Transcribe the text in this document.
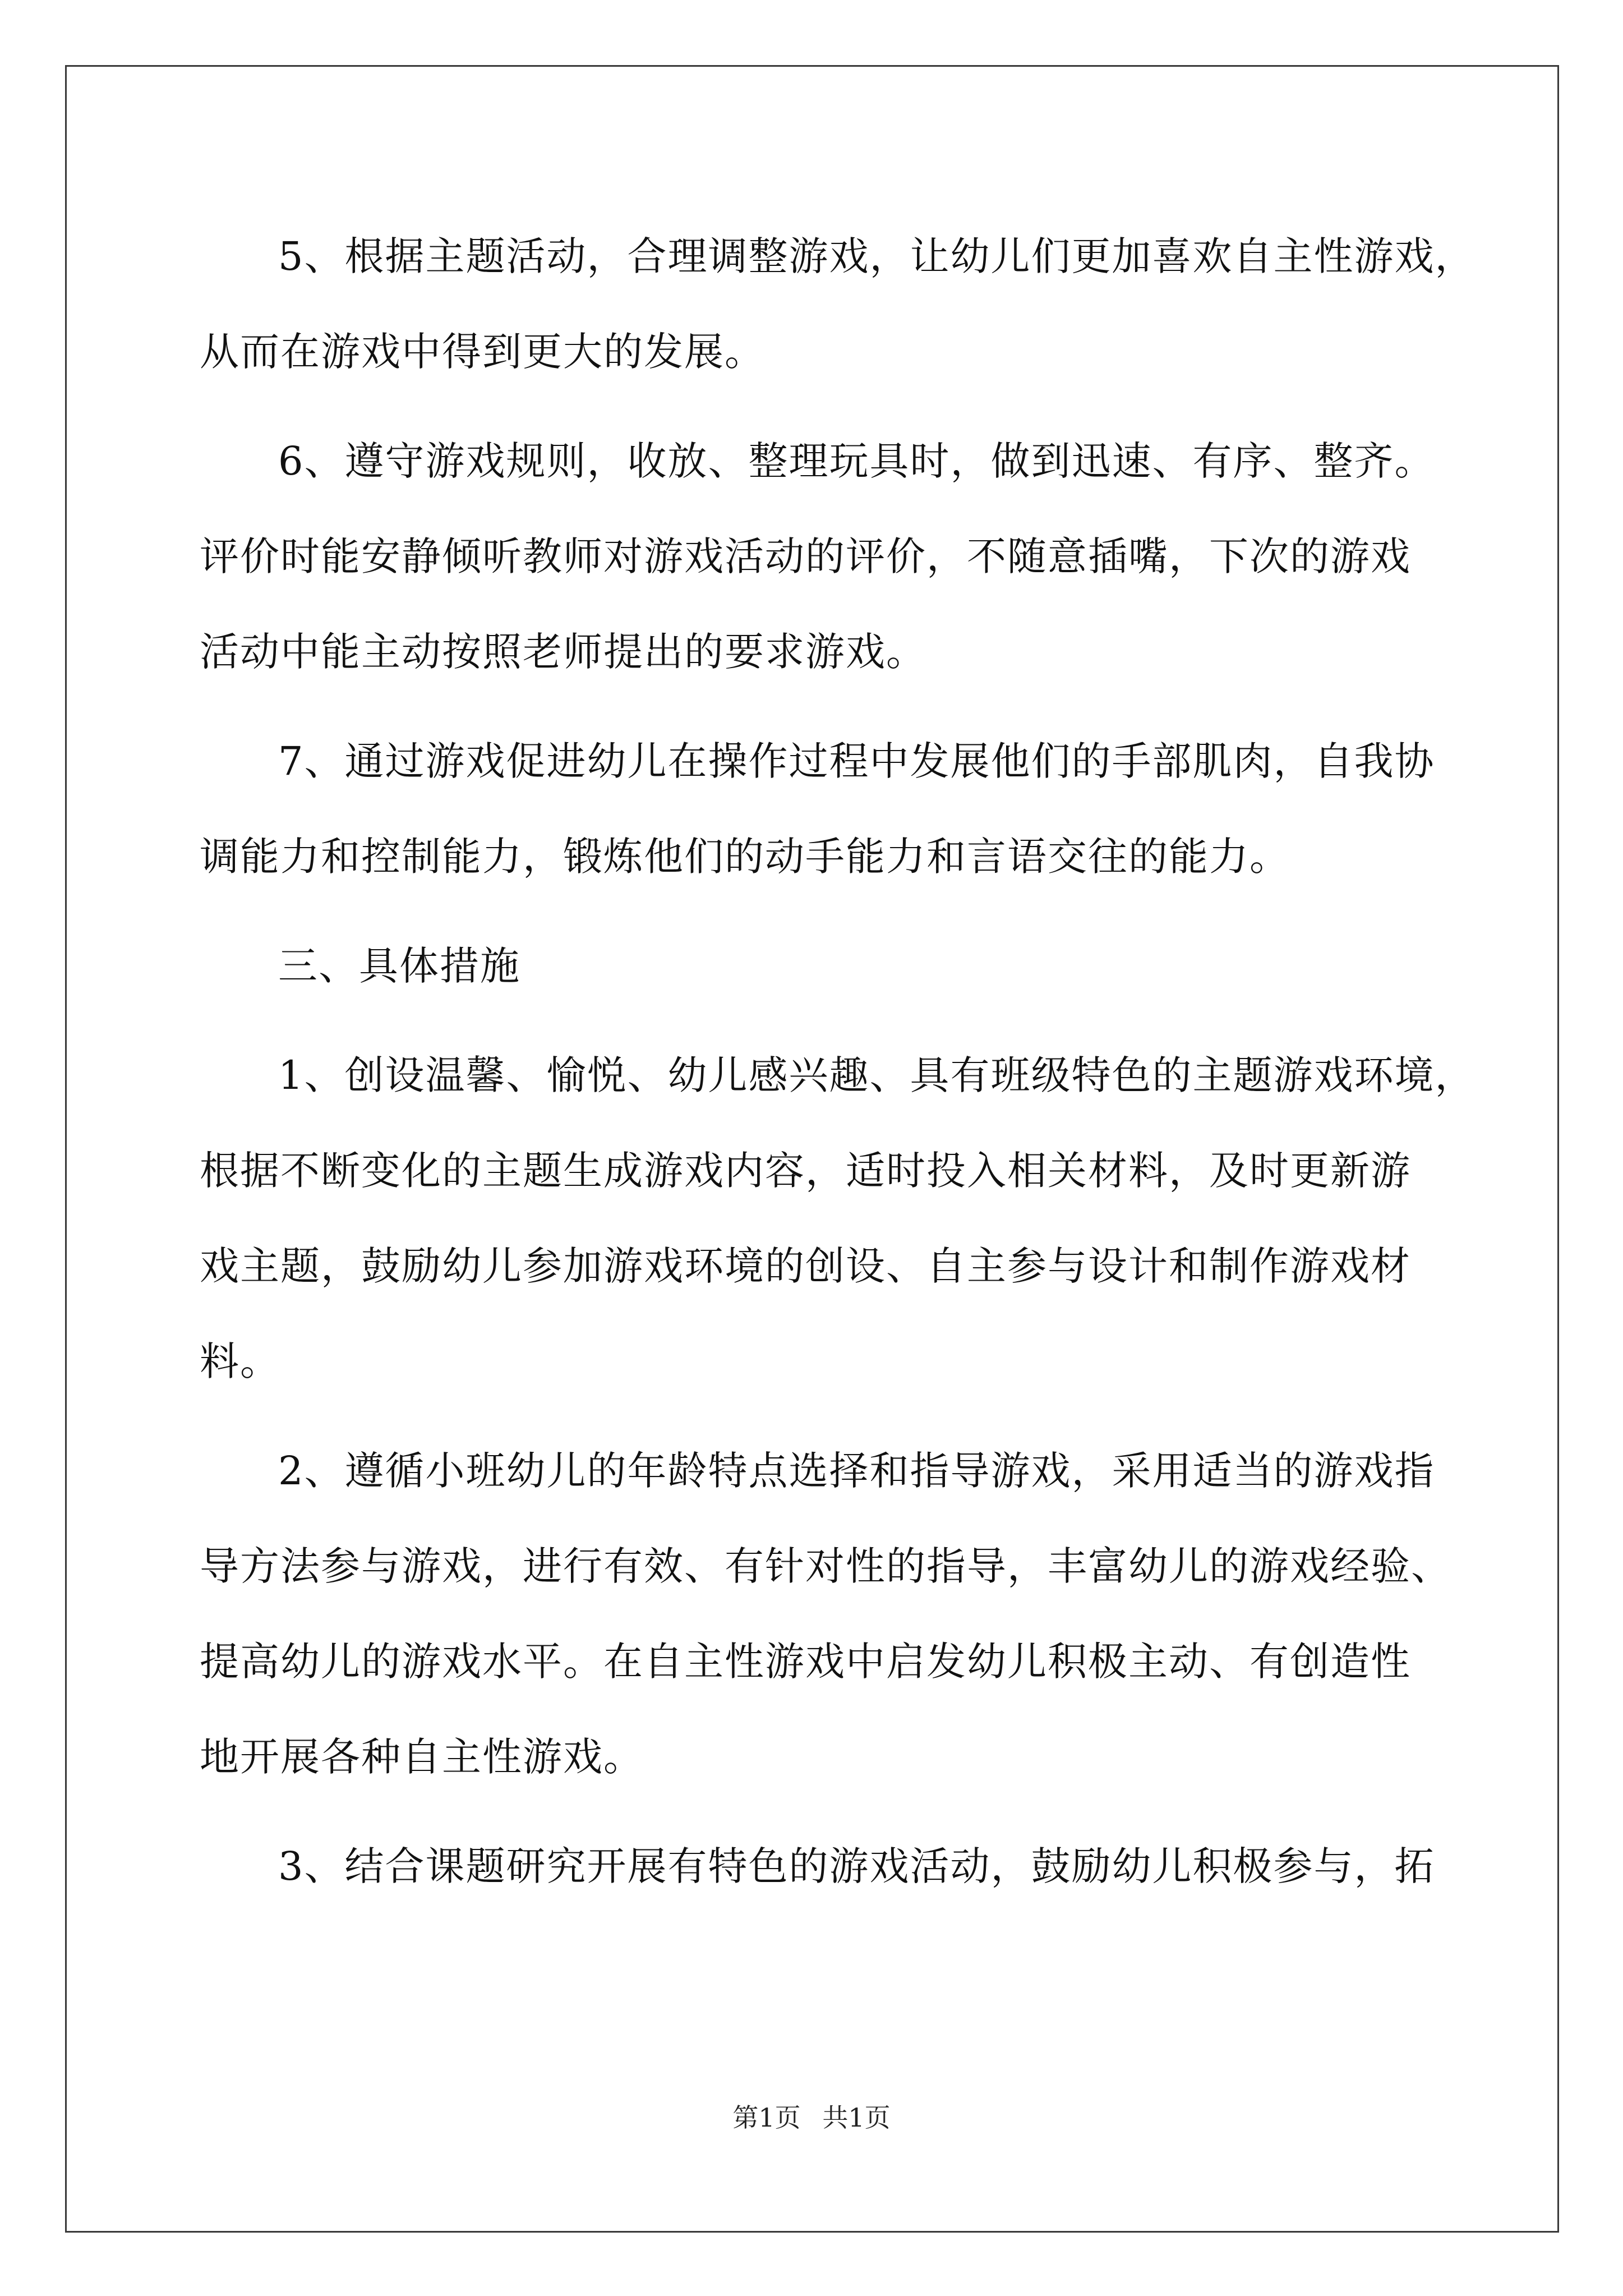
5、根据主题活动，合理调整游戏，让幼儿们更加喜欢自主性游戏，
从而在游戏中得到更大的发展。
6、遵守游戏规则，收放、整理玩具时，做到迅速、有序、整齐。
评价时能安静倾听教师对游戏活动的评价，不随意插嘴，下次的游戏
活动中能主动按照老师提出的要求游戏。
7、通过游戏促进幼儿在操作过程中发展他们的手部肌肉，自我协
调能力和控制能力，锻炼他们的动手能力和言语交往的能力。
三、具体措施
1、创设温馨、愉悦、幼儿感兴趣、具有班级特色的主题游戏环境，
根据不断变化的主题生成游戏内容，适时投入相关材料，及时更新游
戏主题，鼓励幼儿参加游戏环境的创设、自主参与设计和制作游戏材
料。
2、遵循小班幼儿的年龄特点选择和指导游戏，采用适当的游戏指
导方法参与游戏，进行有效、有针对性的指导，丰富幼儿的游戏经验、
提高幼儿的游戏水平。在自主性游戏中启发幼儿积极主动、有创造性
地开展各种自主性游戏。
3、结合课题研究开展有特色的游戏活动，鼓励幼儿积极参与，拓
第1页 共1页
